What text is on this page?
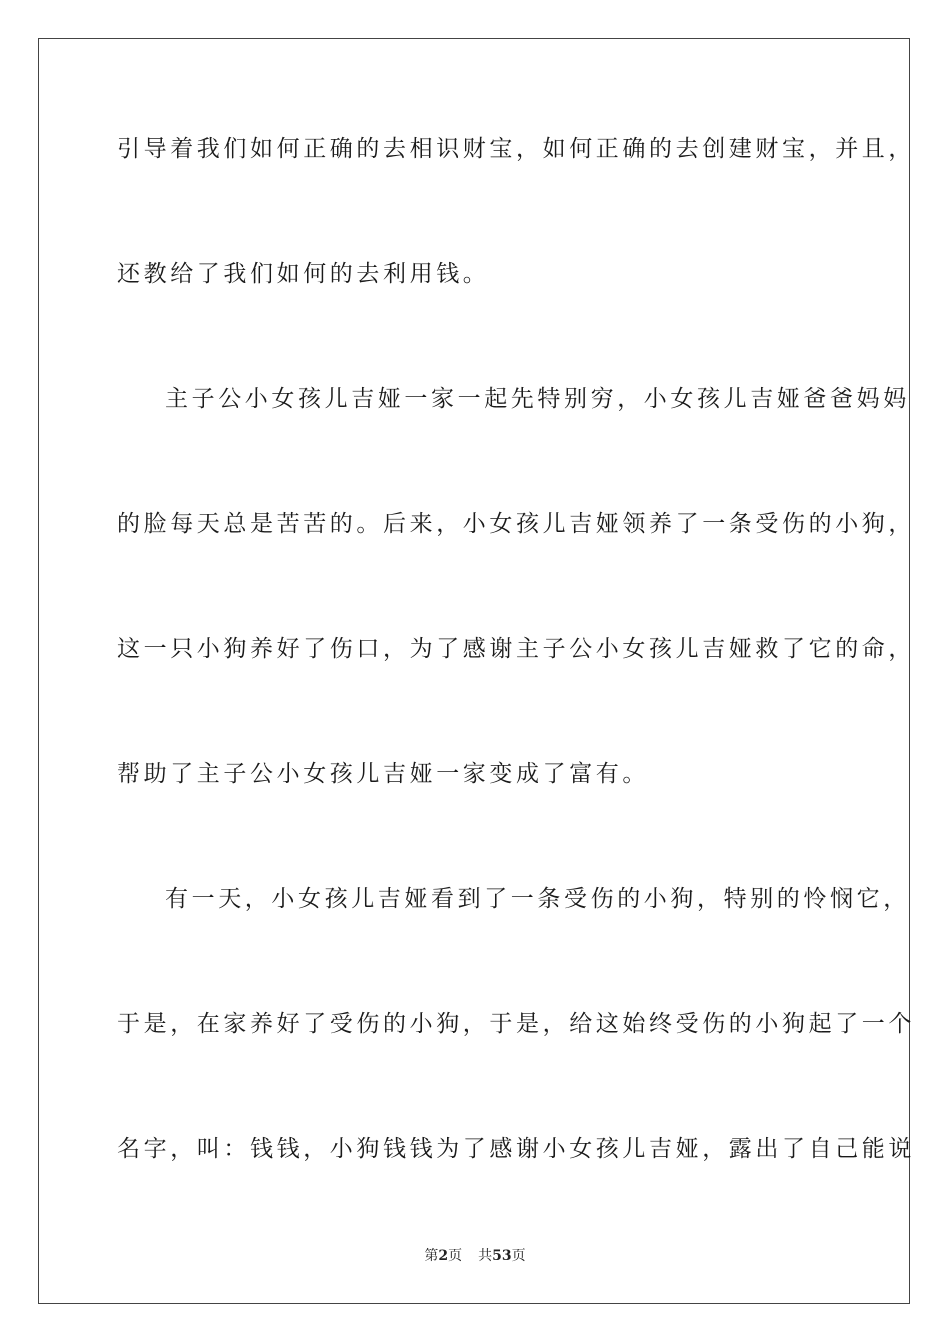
引导着我们如何正确的去相识财宝，如何正确的去创建财宝，并且，
还教给了我们如何的去利用钱。
主子公小女孩儿吉娅一家一起先特别穷，小女孩儿吉娅爸爸妈妈
的脸每天总是苦苦的。后来，小女孩儿吉娅领养了一条受伤的小狗，
这一只小狗养好了伤口，为了感谢主子公小女孩儿吉娅救了它的命，
帮助了主子公小女孩儿吉娅一家变成了富有。
有一天，小女孩儿吉娅看到了一条受伤的小狗，特别的怜悯它，
于是，在家养好了受伤的小狗，于是，给这始终受伤的小狗起了一个
名字，叫：钱钱，小狗钱钱为了感谢小女孩儿吉娅，露出了自己能说
第2页 共53页
